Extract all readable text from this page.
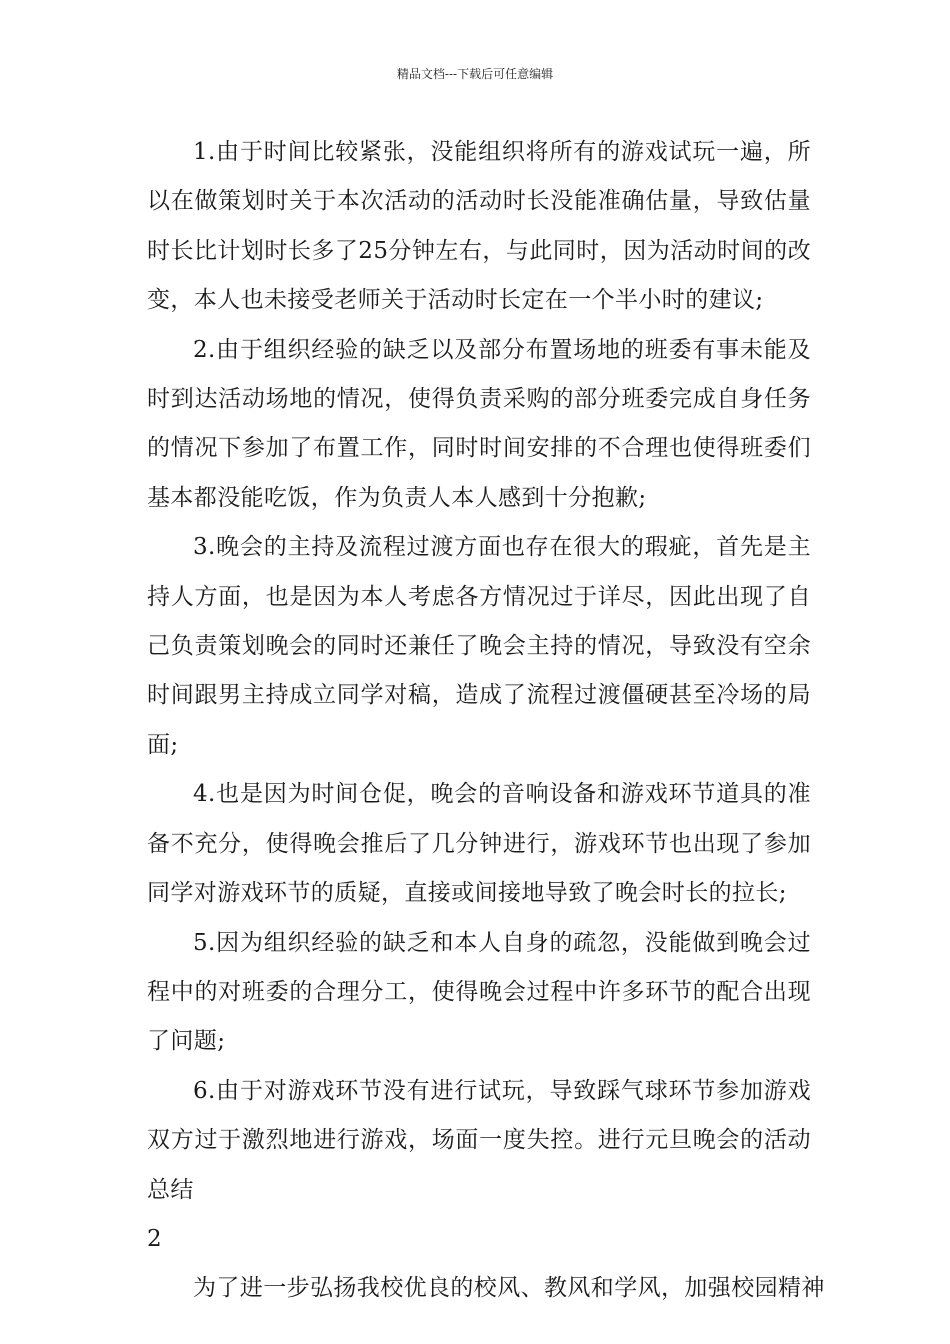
精品文档---下载后可任意编辑

1.由于时间比较紧张，没能组织将所有的游戏试玩一遍，所以在做策划时关于本次活动的活动时长没能准确估量，导致估量时长比计划时长多了25分钟左右，与此同时，因为活动时间的改变，本人也未接受老师关于活动时长定在一个半小时的建议;

2.由于组织经验的缺乏以及部分布置场地的班委有事未能及时到达活动场地的情况，使得负责采购的部分班委完成自身任务的情况下参加了布置工作，同时时间安排的不合理也使得班委们基本都没能吃饭，作为负责人本人感到十分抱歉;

3.晚会的主持及流程过渡方面也存在很大的瑕疵，首先是主持人方面，也是因为本人考虑各方情况过于详尽，因此出现了自己负责策划晚会的同时还兼任了晚会主持的情况，导致没有空余时间跟男主持成立同学对稿，造成了流程过渡僵硬甚至冷场的局面;

4.也是因为时间仓促，晚会的音响设备和游戏环节道具的准备不充分，使得晚会推后了几分钟进行，游戏环节也出现了参加同学对游戏环节的质疑，直接或间接地导致了晚会时长的拉长;

5.因为组织经验的缺乏和本人自身的疏忽，没能做到晚会过程中的对班委的合理分工，使得晚会过程中许多环节的配合出现了问题;

6.由于对游戏环节没有进行试玩，导致踩气球环节参加游戏双方过于激烈地进行游戏，场面一度失控。进行元旦晚会的活动总结

2

为了进一步弘扬我校优良的校风、教风和学风，加强校园精神
